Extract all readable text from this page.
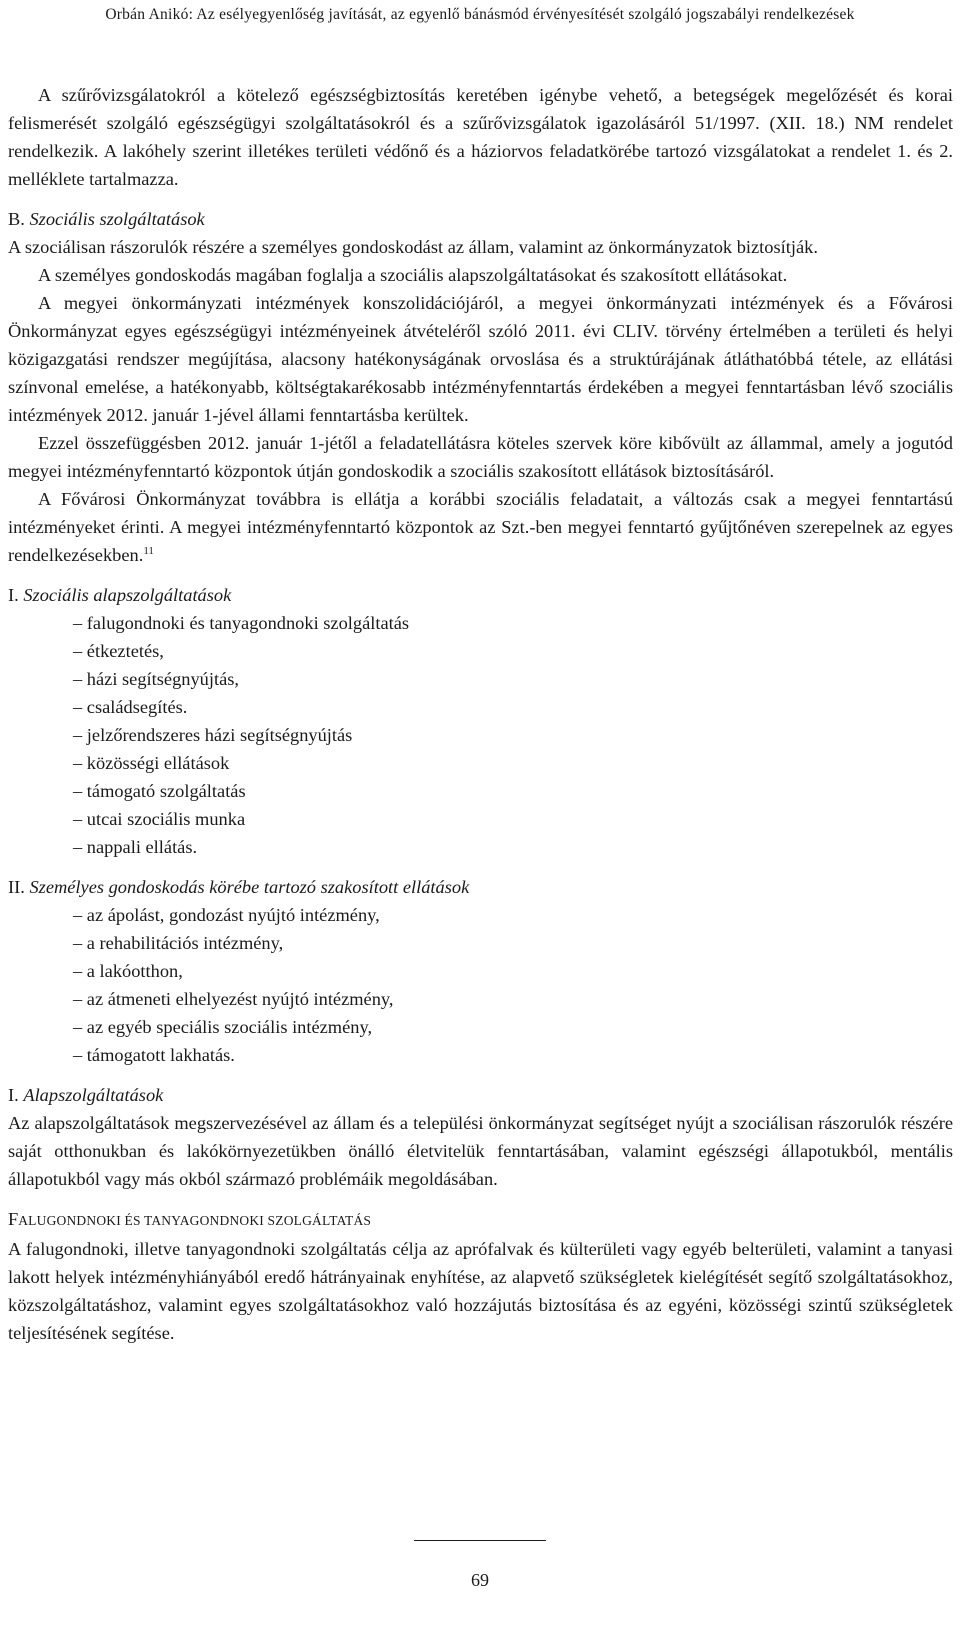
Orbán Anikó: Az esélyegyenlőség javítását, az egyenlő bánásmód érvényesítését szolgáló jogszabályi rendelkezések

A szűrővizsgálatokról a kötelező egészségbiztosítás keretében igénybe vehető, a betegségek megelőzését és korai felismerését szolgáló egészségügyi szolgáltatásokról és a szűrővizsgálatok igazolásáról 51/1997. (XII. 18.) NM rendelet rendelkezik. A lakóhely szerint illetékes területi védőnő és a háziorvos feladatkörébe tartozó vizsgálatokat a rendelet 1. és 2. melléklete tartalmazza.

B. Szociális szolgáltatások

A szociálisan rászorulók részére a személyes gondoskodást az állam, valamint az önkormányzatok biztosítják.

A személyes gondoskodás magában foglalja a szociális alapszolgáltatásokat és szakosított ellátásokat.

A megyei önkormányzati intézmények konszolidációjáról, a megyei önkormányzati intézmények és a Fővárosi Önkormányzat egyes egészségügyi intézményeinek átvételéről szóló 2011. évi CLIV. törvény értelmében a területi és helyi közigazgatási rendszer megújítása, alacsony hatékonyságának orvoslása és a struktúrájának átláthatóbbá tétele, az ellátási színvonal emelése, a hatékonyabb, költségtakarékosabb intézményfenntartás érdekében a megyei fenntartásban lévő szociális intézmények 2012. január 1-jével állami fenntartásba kerültek.

Ezzel összefüggésben 2012. január 1-jétől a feladatellátásra köteles szervek köre kibővült az állammal, amely a jogutód megyei intézményfenntartó központok útján gondoskodik a szociális szakosított ellátások biztosításáról.

A Fővárosi Önkormányzat továbbra is ellátja a korábbi szociális feladatait, a változás csak a megyei fenntartású intézményeket érinti. A megyei intézményfenntartó központok az Szt.-ben megyei fenntartó gyűjtőnéven szerepelnek az egyes rendelkezésekben.$^{11}$

I. Szociális alapszolgáltatások

– falugondnoki és tanyagondnoki szolgáltatás
– étkeztetés,
– házi segítségnyújtás,
– családsegítés.
– jelzőrendszeres házi segítségnyújtás
– közösségi ellátások
– támogató szolgáltatás
– utcai szociális munka
– nappali ellátás.

II. Személyes gondoskodás körébe tartozó szakosított ellátások

– az ápolást, gondozást nyújtó intézmény,
– a rehabilitációs intézmény,
– a lakóotthon,
– az átmeneti elhelyezést nyújtó intézmény,
– az egyéb speciális szociális intézmény,
– támogatott lakhatás.

I. Alapszolgáltatások

Az alapszolgáltatások megszervezésével az állam és a települési önkormányzat segítséget nyújt a szociálisan rászorulók részére saját otthonukban és lakókörnyezetükben önálló életvitelük fenntartásában, valamint egészségi állapotukból, mentális állapotukból vagy más okból származó problémáik megoldásában.

FALUGONDNOKI ÉS TANYAGONDNOKI SZOLGÁLTATÁS

A falugondnoki, illetve tanyagondnoki szolgáltatás célja az aprófalvak és külterületi vagy egyéb belterületi, valamint a tanyasi lakott helyek intézményhiányából eredő hátrányainak enyhítése, az alapvető szükségletek kielégítését segítő szolgáltatásokhoz, közszolgáltatáshoz, valamint egyes szolgáltatásokhoz való hozzájutás biztosítása és az egyéni, közösségi szintű szükségletek teljesítésének segítése.

69
